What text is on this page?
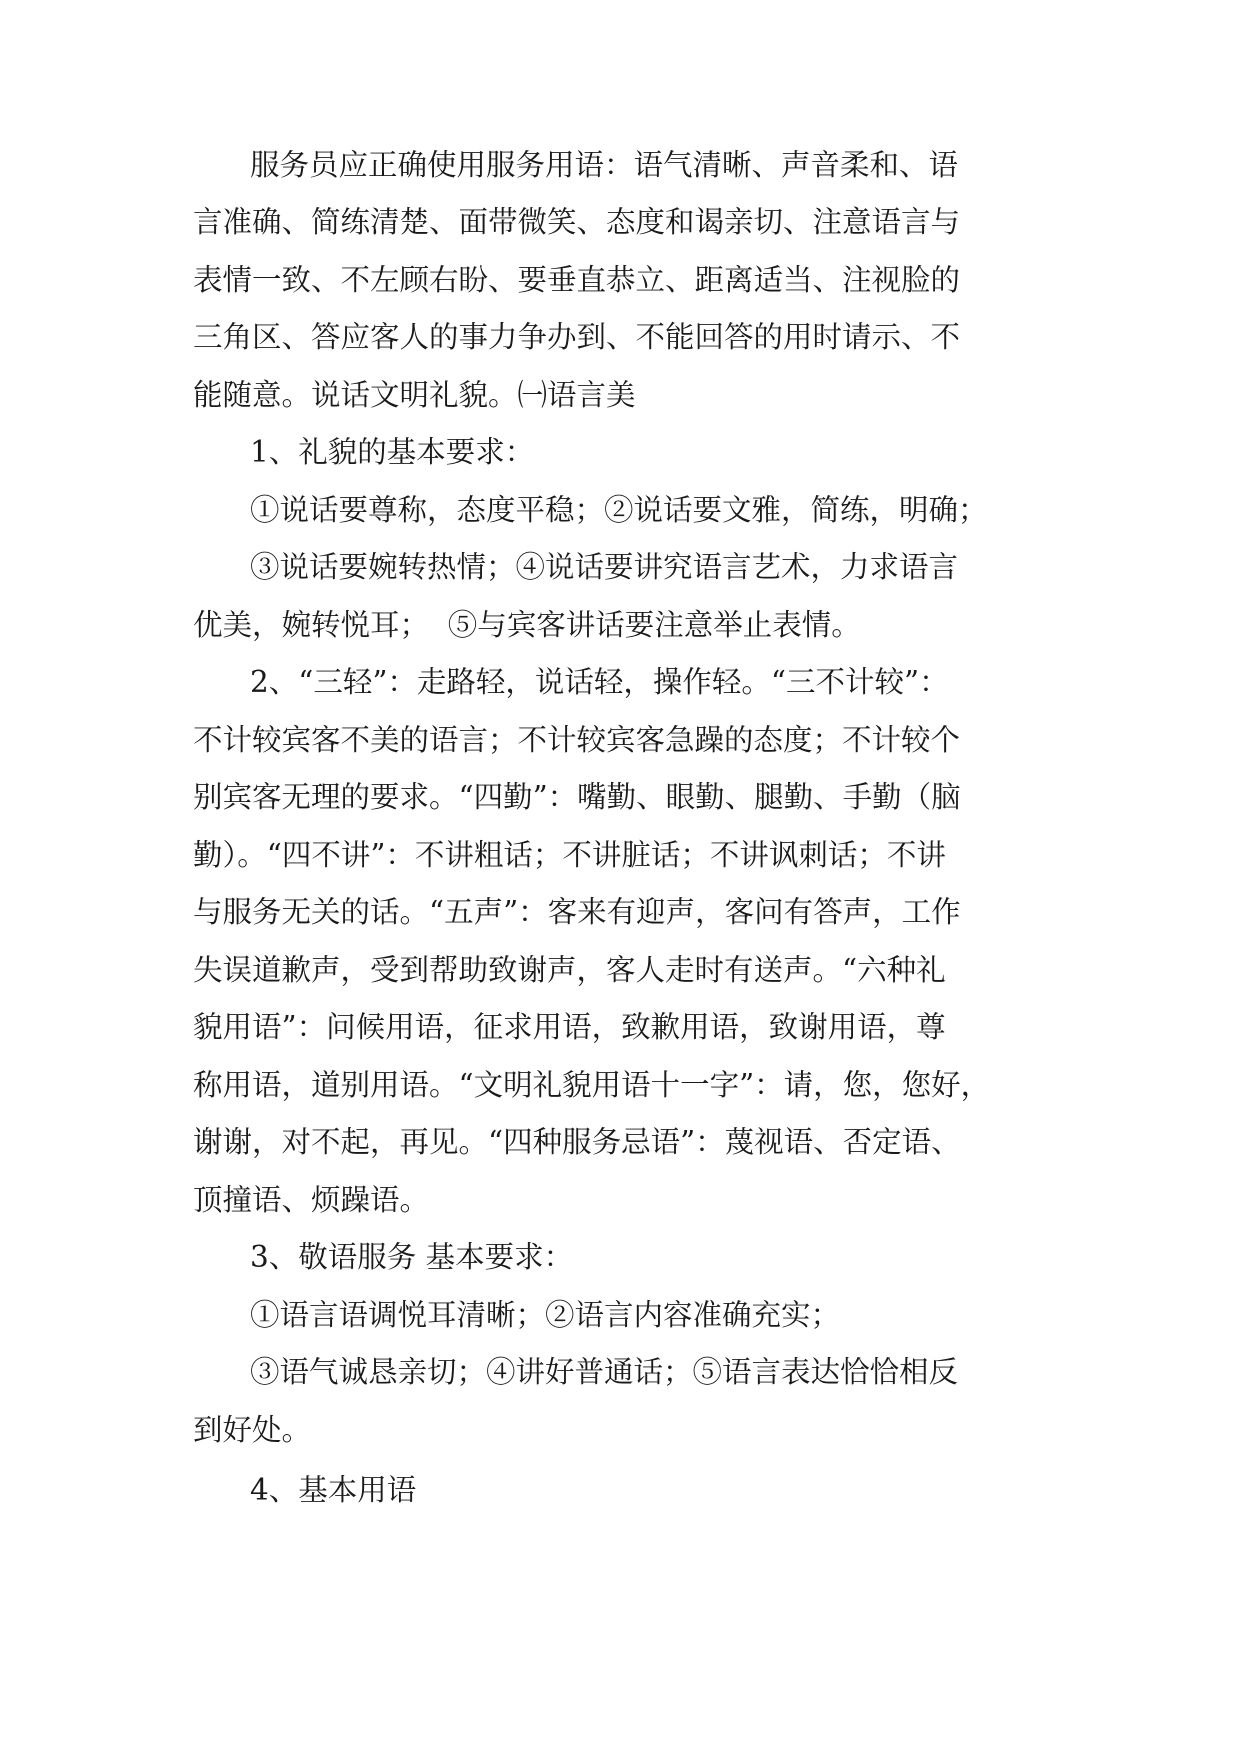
服务员应正确使用服务用语：语气清晰、声音柔和、语
言准确、简练清楚、面带微笑、态度和谒亲切、注意语言与
表情一致、不左顾右盼、要垂直恭立、距离适当、注视脸的
三角区、答应客人的事力争办到、不能回答的用时请示、不
能随意。说话文明礼貌。㈠语言美
1、礼貌的基本要求：
①说话要尊称，态度平稳；②说话要文雅，简练，明确；
③说话要婉转热情；④说话要讲究语言艺术，力求语言
优美，婉转悦耳；  ⑤与宾客讲话要注意举止表情。
2、“三轻”：走路轻，说话轻，操作轻。“三不计较”：
不计较宾客不美的语言；不计较宾客急躁的态度；不计较个
别宾客无理的要求。“四勤”：嘴勤、眼勤、腿勤、手勤（脑
勤）。“四不讲”：不讲粗话；不讲脏话；不讲讽刺话；不讲
与服务无关的话。“五声”：客来有迎声，客问有答声，工作
失误道歉声，受到帮助致谢声，客人走时有送声。“六种礼
貌用语”：问候用语，征求用语，致歉用语，致谢用语，尊
称用语，道别用语。“文明礼貌用语十一字”：请，您，您好，
谢谢，对不起，再见。“四种服务忌语”：蔑视语、否定语、
顶撞语、烦躁语。
3、敬语服务 基本要求：
①语言语调悦耳清晰；②语言内容准确充实；
③语气诚恳亲切；④讲好普通话；⑤语言表达恰恰相反
到好处。
4、基本用语
